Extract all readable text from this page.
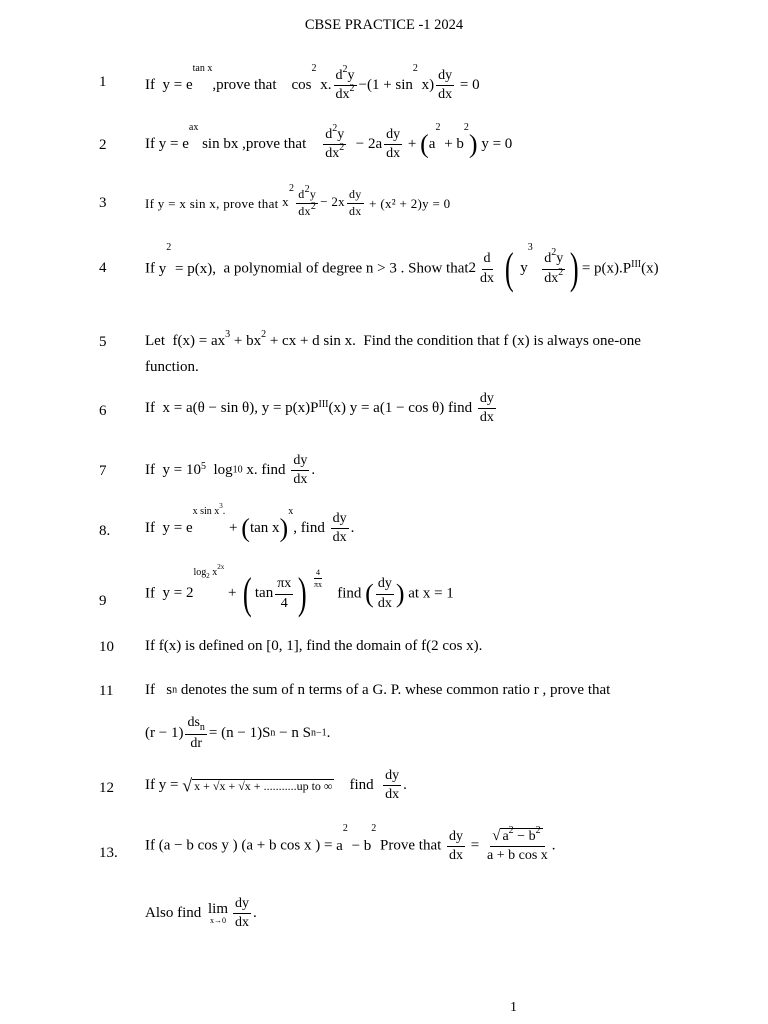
CBSE PRACTICE -1 2024
1	If $y = e^{tan x},prove$ that $\cos^2 x$. $\frac{d^2y}{dx^2} -(1 + \sin^2 x) \frac{dy}{dx} = 0$
2	If $y = e^{ax}$ sin bx ,prove that $\frac{d^2y}{dx^2} - 2a \frac{dy}{dx} + (a^2 + b^2) y = 0$
3	If y = x sin x, prove that $x^2 \frac{d^2y}{dx^2} - 2x \frac{dy}{dx} + (x^2 + 2)y = 0$
4	If $y^2 = p(x)$, a polynomial of degree n > 3 . Show that2 $\frac{d}{dx}$ ( $y^3$
$\frac{d^2y}{dx^2}$ ) = $p(x).P^{III}(x)$
5	Let $f(x) = ax^3 + bx^2$ + cx + d sin x. Find the condition that f (x) is always one-one
function.
6	If x = a(θ − sin θ), $y = p(x)P^{III}(x) y = a(1 - \cos \theta)$ find $\frac{dy}{dx}$
7	If $y = 10^5$ log10 x. find $\frac{dy}{dx}$ .
8. If $y = e^{x sin x^3.} + (\tan$ x)$^x$, find $\frac{dy}{dx}$ .
9	If $y = 2^{log_2 x^{2x}}$ + ( $\tan \frac{\pi x}{4}$ ) $^{\frac{4}{\pi x}}$
find ( $\frac{dy}{dx}$ ) at x = 1
10 If f(x) is defined on [0, 1], find the domain of f(2 cos x).
11 If   sn denotes the sum of n terms of a G. P. whese common ratio r , prove that
$(r - 1) \frac{ds_n}{dr} = (n - 1)Sn - n$ Sn−1.
12 If y = √ x + √x + √x + ...........up to ∞ find $\frac{dy}{dx}$ .
13. If (a − b cos y ) (a + b cos x ) = $a^2 - b^2$ Prove that $\frac{dy}{dx} = \frac{√ a^2 - b^2}{\text{a + b cos x}}$ .
Also find lim
$x\to 0 \frac{dy}{dx}$ .
1
